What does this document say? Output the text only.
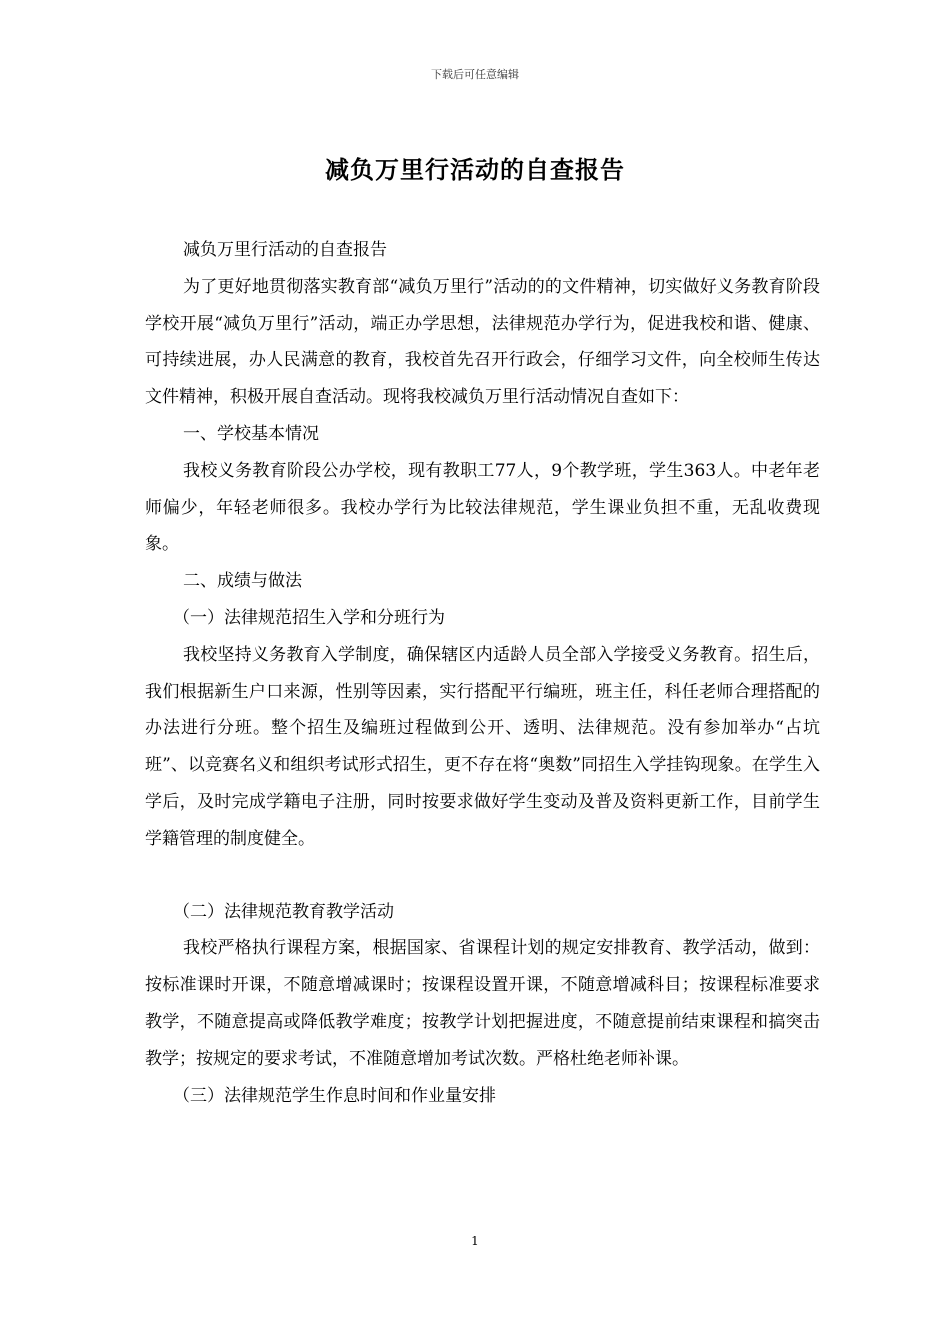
下载后可任意编辑
减负万里行活动的自查报告

减负万里行活动的自查报告

为了更好地贯彻落实教育部“减负万里行”活动的的文件精神，切实做好义务教育阶段学校开展“减负万里行”活动，端正办学思想，法律规范办学行为，促进我校和谐、健康、可持续进展，办人民满意的教育，我校首先召开行政会，仔细学习文件，向全校师生传达文件精神，积极开展自查活动。现将我校减负万里行活动情况自查如下：

一、学校基本情况

我校义务教育阶段公办学校，现有教职工77人，9个教学班，学生363人。中老年老师偏少，年轻老师很多。我校办学行为比较法律规范，学生课业负担不重，无乱收费现象。

二、成绩与做法

（一）法律规范招生入学和分班行为

我校坚持义务教育入学制度，确保辖区内适龄人员全部入学接受义务教育。招生后，我们根据新生户口来源，性别等因素，实行搭配平行编班，班主任，科任老师合理搭配的办法进行分班。整个招生及编班过程做到公开、透明、法律规范。没有参加举办“占坑班”、以竞赛名义和组织考试形式招生，更不存在将“奥数”同招生入学挂钩现象。在学生入学后，及时完成学籍电子注册，同时按要求做好学生变动及普及资料更新工作，目前学生学籍管理的制度健全。

（二）法律规范教育教学活动

我校严格执行课程方案，根据国家、省课程计划的规定安排教育、教学活动，做到：按标准课时开课，不随意增减课时；按课程设置开课，不随意增减科目；按课程标准要求教学，不随意提高或降低教学难度；按教学计划把握进度，不随意提前结束课程和搞突击教学；按规定的要求考试，不准随意增加考试次数。严格杜绝老师补课。

（三）法律规范学生作息时间和作业量安排

1
